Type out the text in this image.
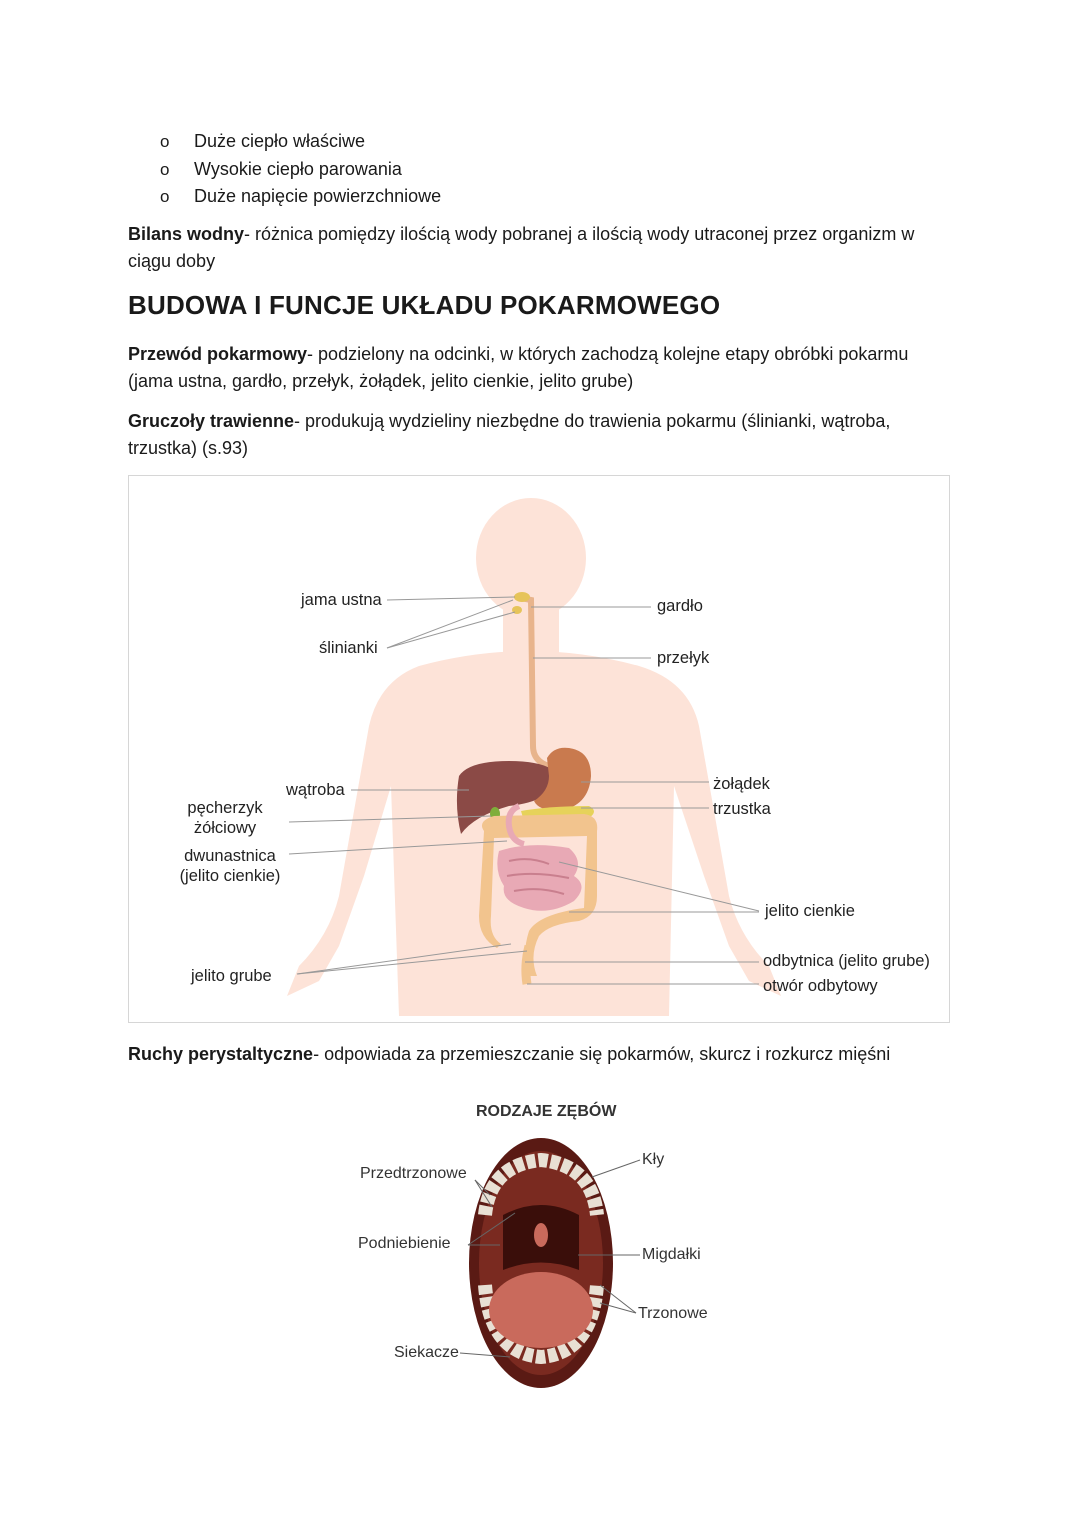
o Duże ciepło właściwe
o Wysokie ciepło parowania
o Duże napięcie powierzchniowe

Bilans wodny- różnica pomiędzy ilością wody pobranej a ilością wody utraconej przez organizm w ciągu doby

BUDOWA I FUNCJE UKŁADU POKARMOWEGO

Przewód pokarmowy- podzielony na odcinki, w których zachodzą kolejne etapy obróbki pokarmu (jama ustna, gardło, przełyk, żołądek, jelito cienkie, jelito grube)

Gruczoły trawienne- produkują wydzieliny niezbędne do trawienia pokarmu (ślinianki, wątroba, trzustka) (s.93)

jama ustna
ślinianki
wątroba
pęcherzyk
żółciowy
dwunastnica
(jelito cienkie)
jelito grube
gardło
przełyk
żołądek
trzustka
jelito cienkie
odbytnica (jelito grube)
otwór odbytowy

Ruchy perystaltyczne- odpowiada za przemieszczanie się pokarmów, skurcz i rozkurcz mięśni

RODZAJE ZĘBÓW
Przedtrzonowe
Podniebienie
Siekacze
Kły
Migdałki
Trzonowe
